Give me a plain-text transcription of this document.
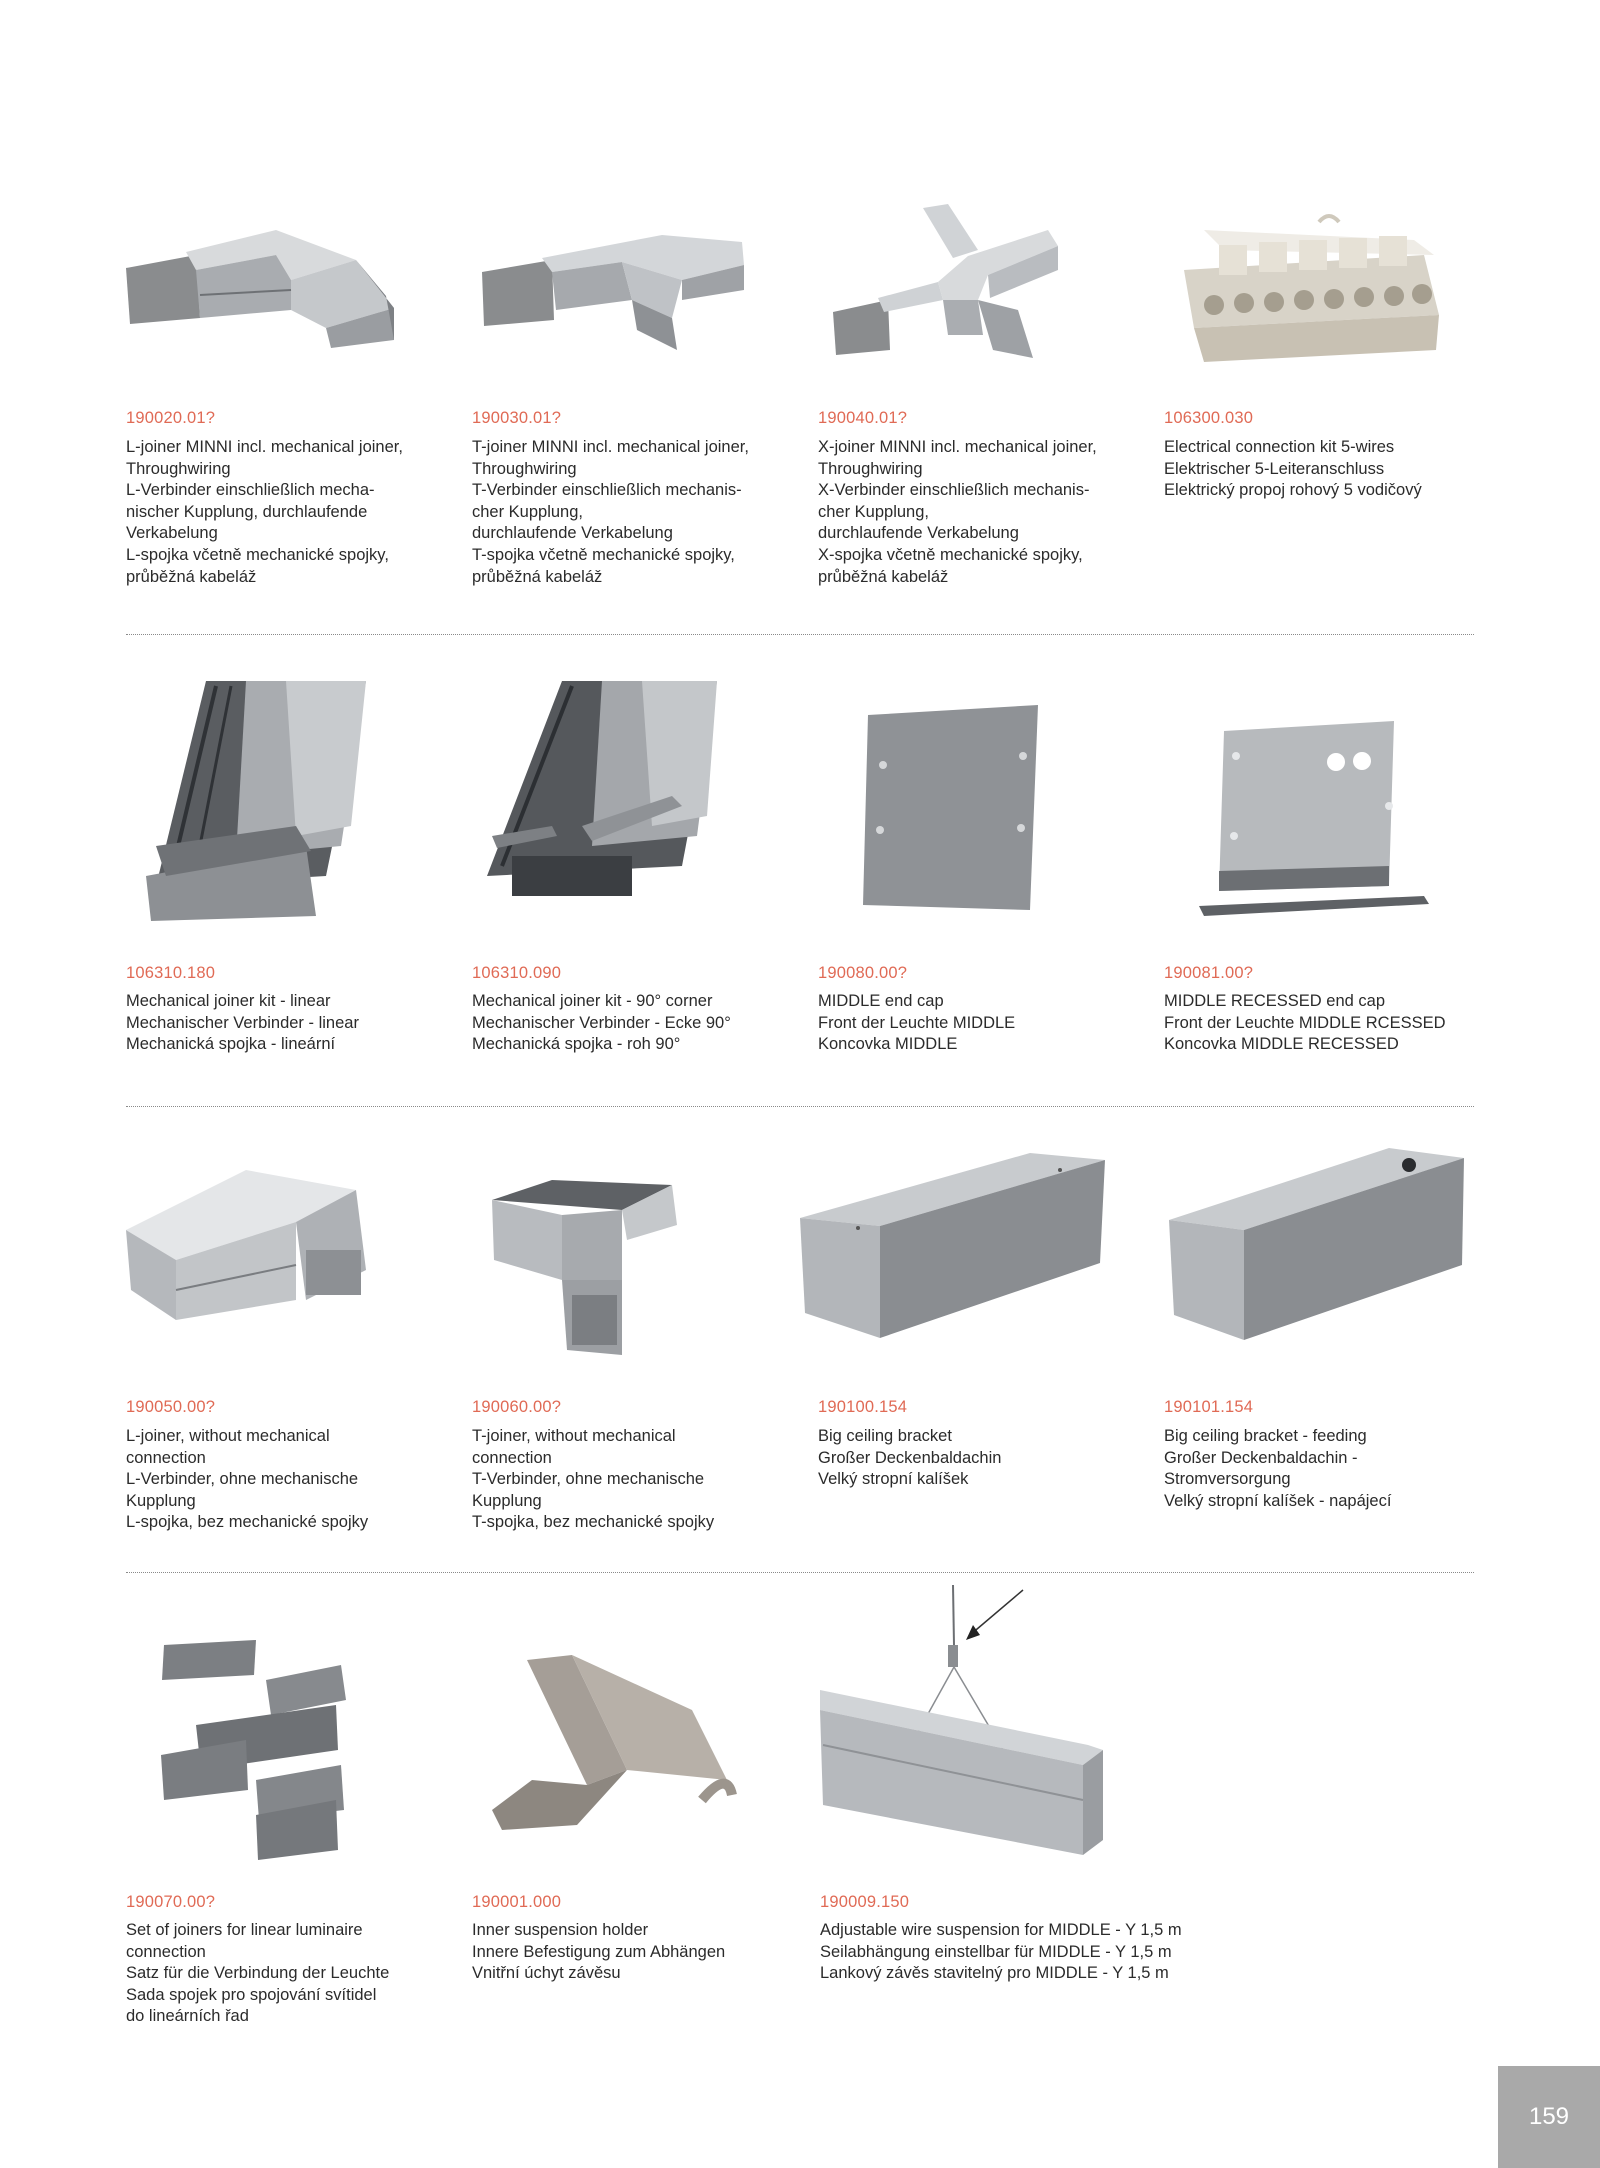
190020.01?
L-joiner MINNI incl. mechanical joiner,
Throughwiring
L-Verbinder einschließlich mecha-
nischer Kupplung, durchlaufende
Verkabelung
L-spojka včetně mechanické spojky,
průběžná kabeláž
190030.01?
T-joiner MINNI incl. mechanical joiner,
Throughwiring
T-Verbinder einschließlich mechanis-
cher Kupplung,
durchlaufende Verkabelung
T-spojka včetně mechanické spojky,
průběžná kabeláž
190040.01?
X-joiner MINNI incl. mechanical joiner,
Throughwiring
X-Verbinder einschließlich mechanis-
cher Kupplung,
durchlaufende Verkabelung
X-spojka včetně mechanické spojky,
průběžná kabeláž
106300.030
Electrical connection kit 5-wires
Elektrischer 5-Leiteranschluss
Elektrický propoj rohový 5 vodičový
106310.180
Mechanical joiner kit - linear
Mechanischer Verbinder - linear
Mechanická spojka - lineární
106310.090
Mechanical joiner kit - 90° corner
Mechanischer Verbinder - Ecke 90°
Mechanická spojka - roh 90°
190080.00?
MIDDLE end cap
Front der Leuchte MIDDLE
Koncovka MIDDLE
190081.00?
MIDDLE RECESSED end cap
Front der Leuchte MIDDLE RCESSED
Koncovka MIDDLE RECESSED
190050.00?
L-joiner, without mechanical
connection
L-Verbinder, ohne mechanische
Kupplung
L-spojka, bez mechanické spojky
190060.00?
T-joiner, without mechanical
connection
T-Verbinder, ohne mechanische
Kupplung
T-spojka, bez mechanické spojky
190100.154
Big ceiling bracket
Großer Deckenbaldachin
Velký stropní kalíšek
190101.154
Big ceiling bracket - feeding
Großer Deckenbaldachin -
Stromversorgung
Velký stropní kalíšek - napájecí
190070.00?
Set of joiners for linear luminaire
connection
Satz für die Verbindung der Leuchte
Sada spojek pro spojování svítidel
do lineárních řad
190001.000
Inner suspension holder
Innere Befestigung zum Abhängen
Vnitřní úchyt závěsu
190009.150
Adjustable wire suspension for MIDDLE - Y 1,5 m
Seilabhängung einstellbar für MIDDLE - Y 1,5 m
Lankový závěs stavitelný pro MIDDLE - Y 1,5 m
159
